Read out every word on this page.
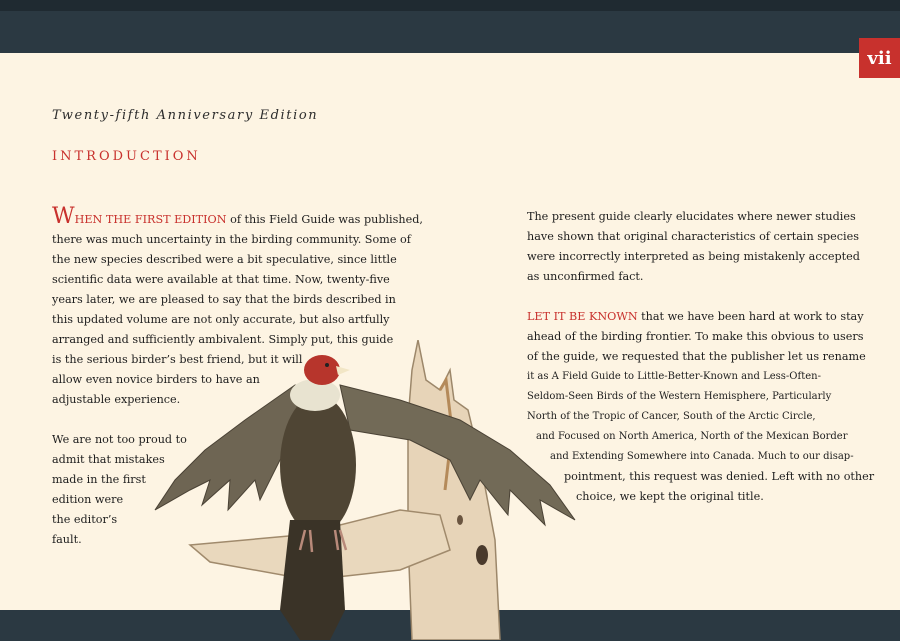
vii
Twenty-fifth Anniversary Edition
INTRODUCTION

WHEN THE FIRST EDITION of this Field Guide was published,

there was much uncertainty in the birding community. Some of

the new species described were a bit speculative, since little

scientific data were available at that time. Now, twenty-five

years later, we are pleased to say that the birds described in

this updated volume are not only accurate, but also artfully

arranged and sufficiently ambivalent. Simply put, this guide

is the serious birder’s best friend, but it will

allow even novice birders to have an

adjustable experience.

We are not too proud to

admit that mistakes

made in the first

edition were

the editor’s

fault.

The present guide clearly elucidates where newer studies

have shown that original characteristics of certain species

were incorrectly interpreted as being mistakenly accepted

as unconfirmed fact.

LET IT BE KNOWN that we have been hard at work to stay

ahead of the birding frontier. To make this obvious to users

of the guide, we requested that the publisher let us rename

it as A Field Guide to Little-Better-Known and Less-Often-

Seldom-Seen Birds of the Western Hemisphere, Particularly

North of the Tropic of Cancer, South of the Arctic Circle,

and Focused on North America, North of the Mexican Border

and Extending Somewhere into Canada. Much to our disap-

pointment, this request was denied. Left with no other

choice, we kept the original title.
